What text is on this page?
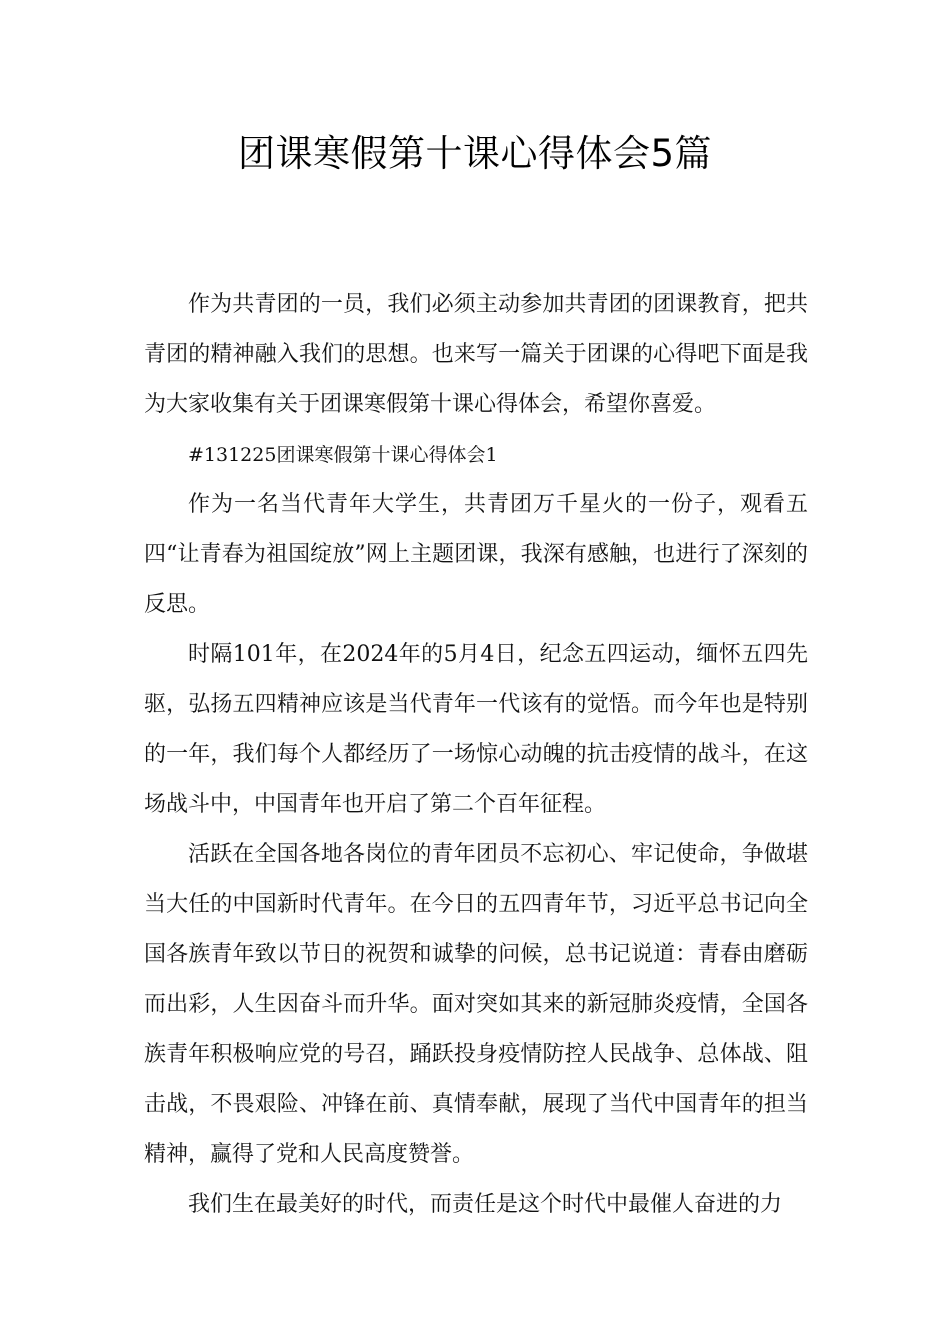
团课寒假第十课心得体会5篇

作为共青团的一员，我们必须主动参加共青团的团课教育，把共青团的精神融入我们的思想。也来写一篇关于团课的心得吧下面是我为大家收集有关于团课寒假第十课心得体会，希望你喜爱。

#131225团课寒假第十课心得体会1

作为一名当代青年大学生，共青团万千星火的一份子，观看五四“让青春为祖国绽放”网上主题团课，我深有感触，也进行了深刻的反思。

时隔101年，在2024年的5月4日，纪念五四运动，缅怀五四先驱，弘扬五四精神应该是当代青年一代该有的觉悟。而今年也是特别的一年，我们每个人都经历了一场惊心动魄的抗击疫情的战斗，在这场战斗中，中国青年也开启了第二个百年征程。

活跃在全国各地各岗位的青年团员不忘初心、牢记使命，争做堪当大任的中国新时代青年。在今日的五四青年节，习近平总书记向全国各族青年致以节日的祝贺和诚挚的问候，总书记说道：青春由磨砺而出彩，人生因奋斗而升华。面对突如其来的新冠肺炎疫情，全国各族青年积极响应党的号召，踊跃投身疫情防控人民战争、总体战、阻击战，不畏艰险、冲锋在前、真情奉献，展现了当代中国青年的担当精神，赢得了党和人民高度赞誉。

我们生在最美好的时代，而责任是这个时代中最催人奋进的力
